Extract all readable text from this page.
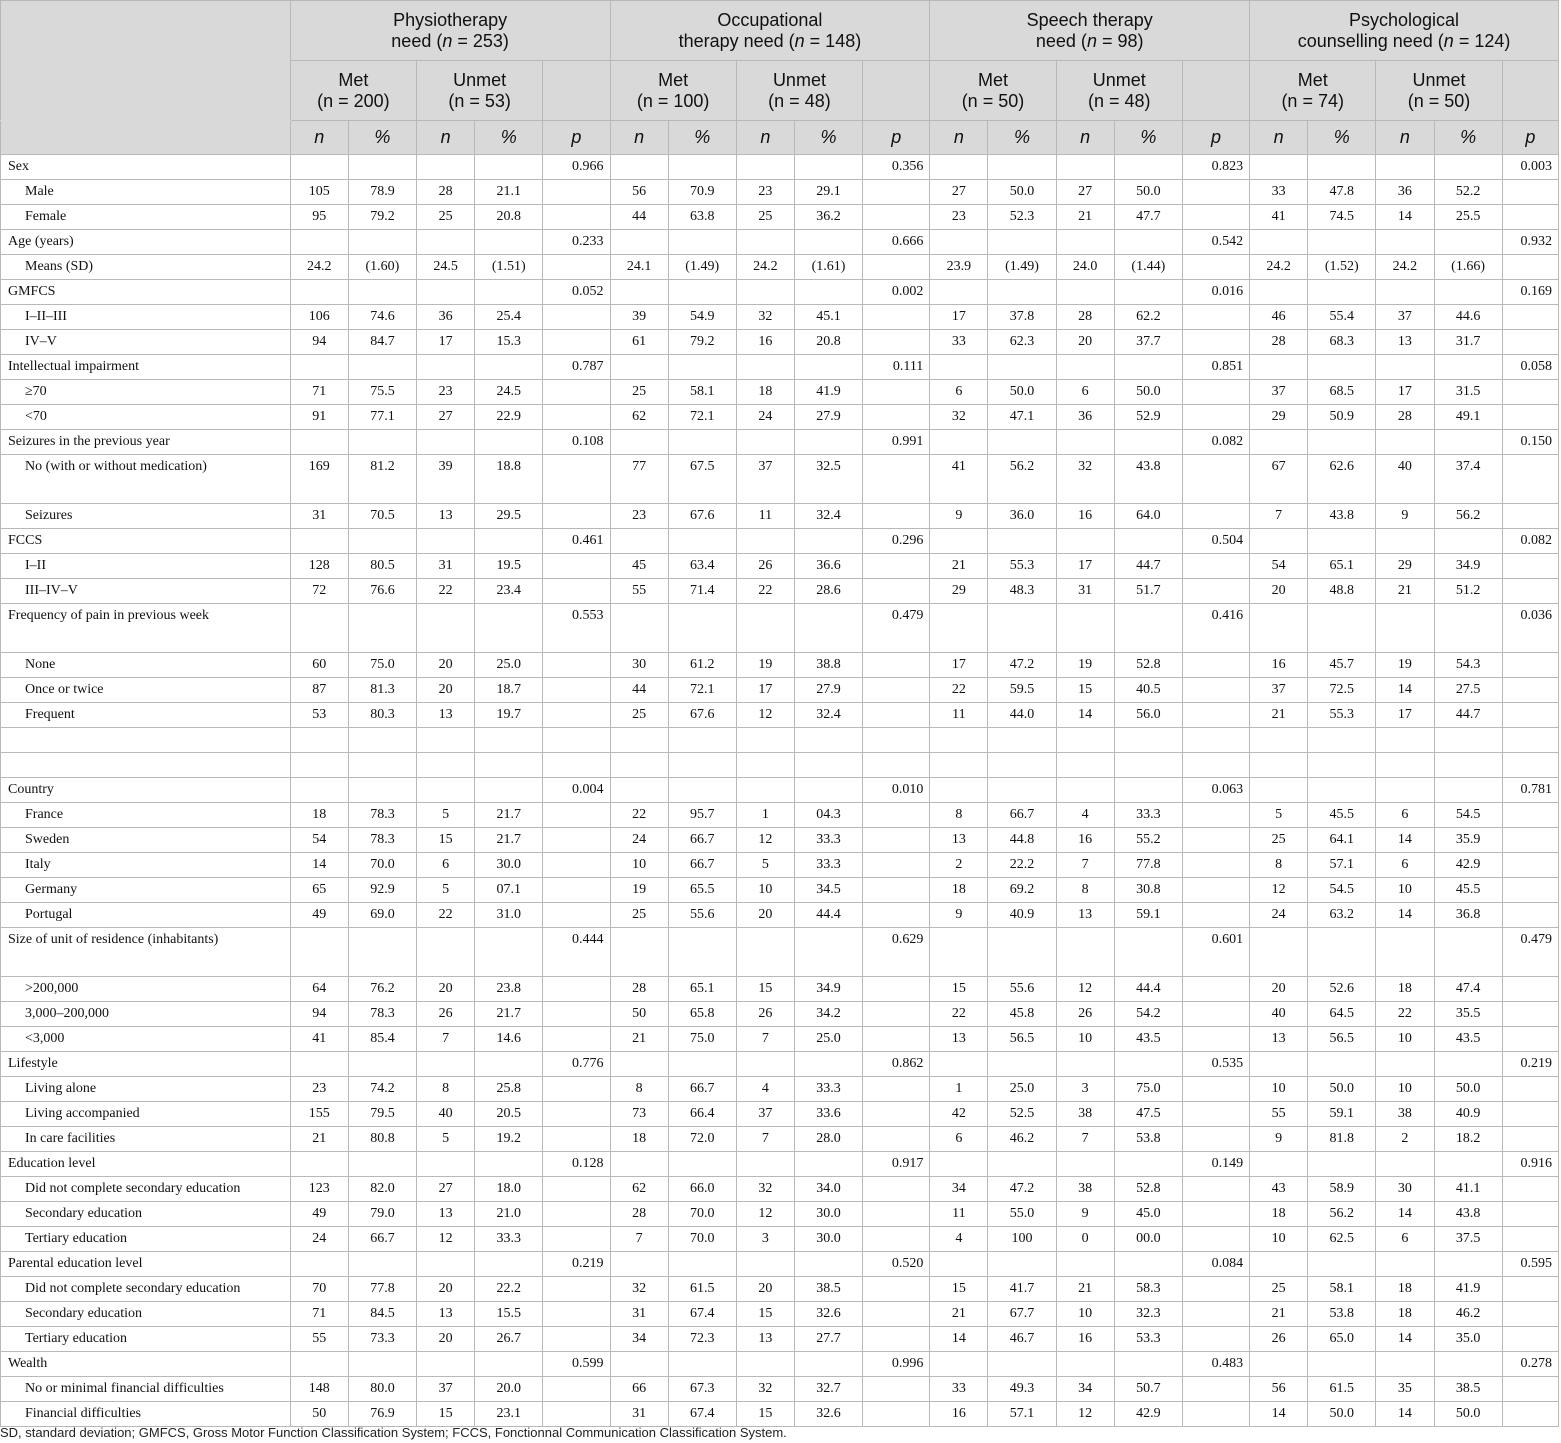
	Physiotherapy
need (n = 253)					Occupational
therapy need (n = 148)					Speech therapy
need (n = 98)					Psychological
counselling need (n = 124)				
	Met
(n = 200)		Unmet
(n = 53)			Met
(n = 100)		Unmet
(n = 48)			Met
(n = 50)		Unmet
(n = 48)			Met
(n = 74)		Unmet
(n = 50)		
	n	%	n	%	p	n	%	n	%	p	n	%	n	%	p	n	%	n	%	p
Sex					0.966					0.356					0.823					0.003
Male	105	78.9	28	21.1		56	70.9	23	29.1		27	50.0	27	50.0		33	47.8	36	52.2	
Female	95	79.2	25	20.8		44	63.8	25	36.2		23	52.3	21	47.7		41	74.5	14	25.5	
Age (years)					0.233					0.666					0.542					0.932
Means (SD)	24.2	(1.60)	24.5	(1.51)		24.1	(1.49)	24.2	(1.61)		23.9	(1.49)	24.0	(1.44)		24.2	(1.52)	24.2	(1.66)	
GMFCS					0.052					0.002					0.016					0.169
I–II–III	106	74.6	36	25.4		39	54.9	32	45.1		17	37.8	28	62.2		46	55.4	37	44.6	
IV–V	94	84.7	17	15.3		61	79.2	16	20.8		33	62.3	20	37.7		28	68.3	13	31.7	
Intellectual impairment					0.787					0.111					0.851					0.058
≥70	71	75.5	23	24.5		25	58.1	18	41.9		6	50.0	6	50.0		37	68.5	17	31.5	
<70	91	77.1	27	22.9		62	72.1	24	27.9		32	47.1	36	52.9		29	50.9	28	49.1	
Seizures in the previous year					0.108					0.991					0.082					0.150
No (with or without medication)	169	81.2	39	18.8		77	67.5	37	32.5		41	56.2	32	43.8		67	62.6	40	37.4	
Seizures	31	70.5	13	29.5		23	67.6	11	32.4		9	36.0	16	64.0		7	43.8	9	56.2	
FCCS					0.461					0.296					0.504					0.082
I–II	128	80.5	31	19.5		45	63.4	26	36.6		21	55.3	17	44.7		54	65.1	29	34.9	
III–IV–V	72	76.6	22	23.4		55	71.4	22	28.6		29	48.3	31	51.7		20	48.8	21	51.2	
Frequency of pain in previous week					0.553					0.479					0.416					0.036
None	60	75.0	20	25.0		30	61.2	19	38.8		17	47.2	19	52.8		16	45.7	19	54.3	
Once or twice	87	81.3	20	18.7		44	72.1	17	27.9		22	59.5	15	40.5		37	72.5	14	27.5	
Frequent	53	80.3	13	19.7		25	67.6	12	32.4		11	44.0	14	56.0		21	55.3	17	44.7	

Country					0.004					0.010					0.063					0.781
France	18	78.3	5	21.7		22	95.7	1	04.3		8	66.7	4	33.3		5	45.5	6	54.5	
Sweden	54	78.3	15	21.7		24	66.7	12	33.3		13	44.8	16	55.2		25	64.1	14	35.9	
Italy	14	70.0	6	30.0		10	66.7	5	33.3		2	22.2	7	77.8		8	57.1	6	42.9	
Germany	65	92.9	5	07.1		19	65.5	10	34.5		18	69.2	8	30.8		12	54.5	10	45.5	
Portugal	49	69.0	22	31.0		25	55.6	20	44.4		9	40.9	13	59.1		24	63.2	14	36.8	
Size of unit of residence (inhabitants)					0.444					0.629					0.601					0.479
>200,000	64	76.2	20	23.8		28	65.1	15	34.9		15	55.6	12	44.4		20	52.6	18	47.4	
3,000–200,000	94	78.3	26	21.7		50	65.8	26	34.2		22	45.8	26	54.2		40	64.5	22	35.5	
<3,000	41	85.4	7	14.6		21	75.0	7	25.0		13	56.5	10	43.5		13	56.5	10	43.5	
Lifestyle					0.776					0.862					0.535					0.219
Living alone	23	74.2	8	25.8		8	66.7	4	33.3		1	25.0	3	75.0		10	50.0	10	50.0	
Living accompanied	155	79.5	40	20.5		73	66.4	37	33.6		42	52.5	38	47.5		55	59.1	38	40.9	
In care facilities	21	80.8	5	19.2		18	72.0	7	28.0		6	46.2	7	53.8		9	81.8	2	18.2	
Education level					0.128					0.917					0.149					0.916
Did not complete secondary education	123	82.0	27	18.0		62	66.0	32	34.0		34	47.2	38	52.8		43	58.9	30	41.1	
Secondary education	49	79.0	13	21.0		28	70.0	12	30.0		11	55.0	9	45.0		18	56.2	14	43.8	
Tertiary education	24	66.7	12	33.3		7	70.0	3	30.0		4	100	0	00.0		10	62.5	6	37.5	
Parental education level					0.219					0.520					0.084					0.595
Did not complete secondary education	70	77.8	20	22.2		32	61.5	20	38.5		15	41.7	21	58.3		25	58.1	18	41.9	
Secondary education	71	84.5	13	15.5		31	67.4	15	32.6		21	67.7	10	32.3		21	53.8	18	46.2	
Tertiary education	55	73.3	20	26.7		34	72.3	13	27.7		14	46.7	16	53.3		26	65.0	14	35.0	
Wealth					0.599					0.996					0.483					0.278
No or minimal financial difficulties	148	80.0	37	20.0		66	67.3	32	32.7		33	49.3	34	50.7		56	61.5	35	38.5	
Financial difficulties	50	76.9	15	23.1		31	67.4	15	32.6		16	57.1	12	42.9		14	50.0	14	50.0	
SD, standard deviation; GMFCS, Gross Motor Function Classification System; FCCS, Fonctionnal Communication Classification System.
